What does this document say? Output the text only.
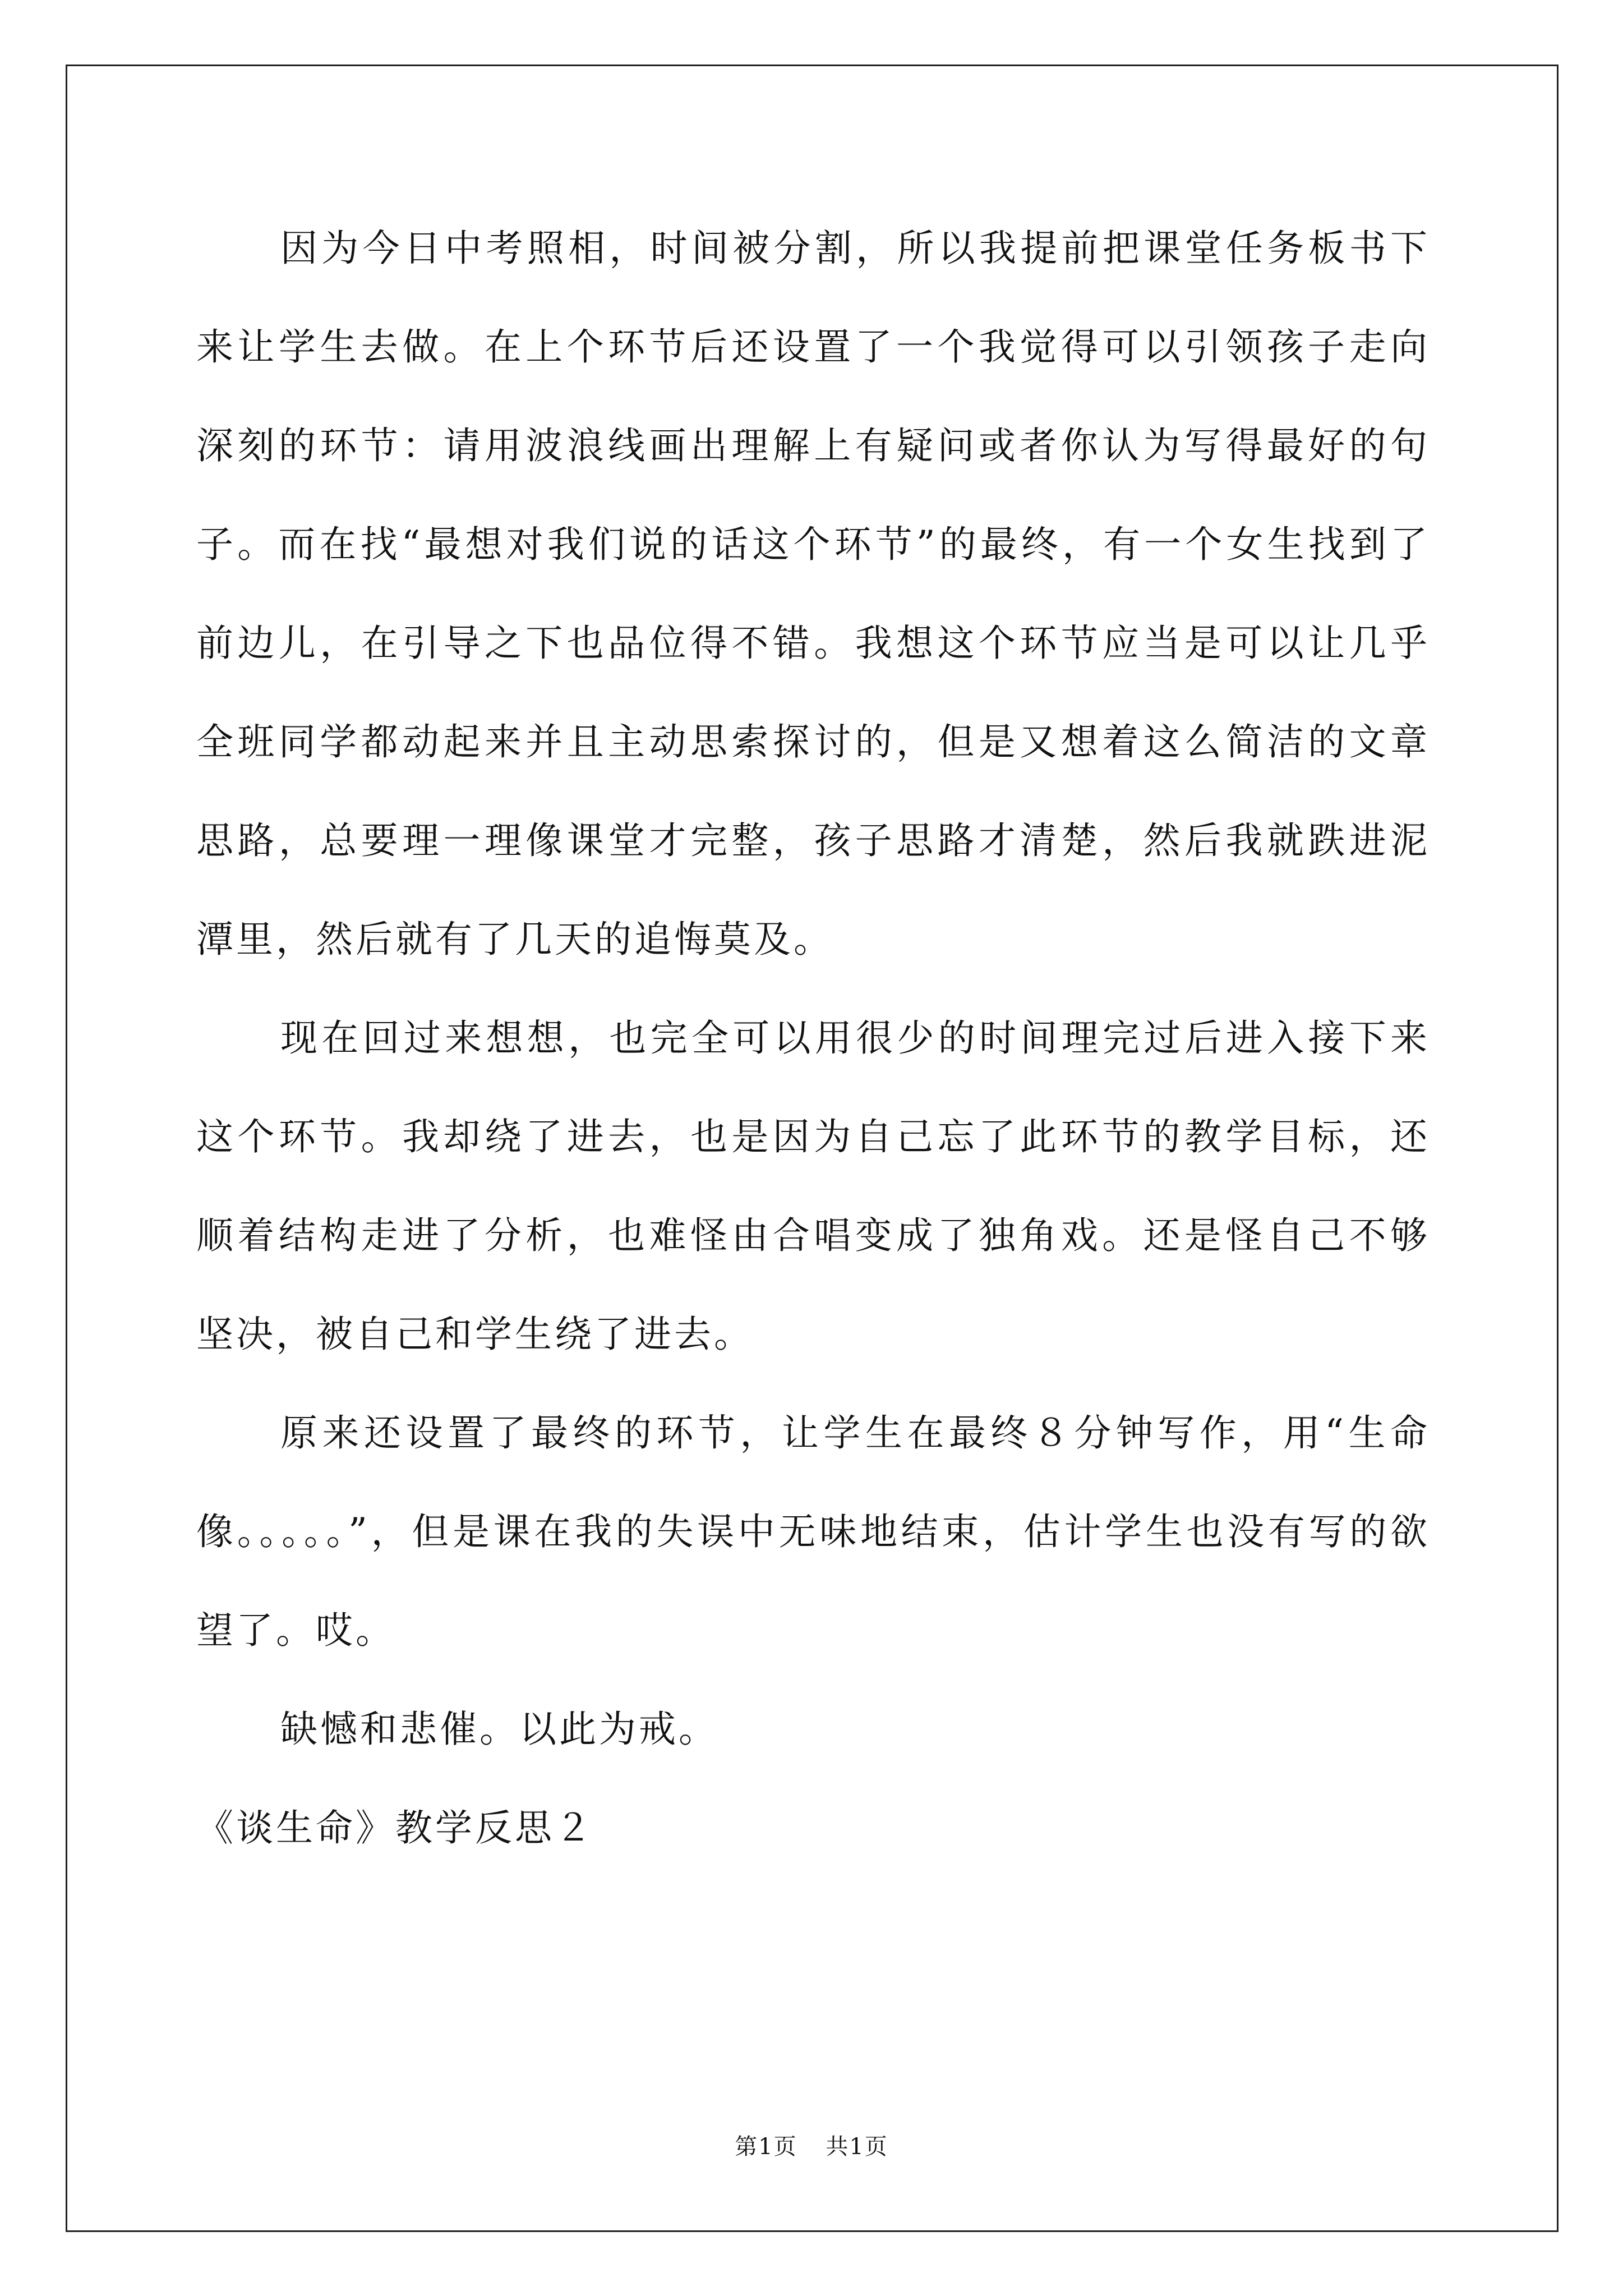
因为今日中考照相，时间被分割，所以我提前把课堂任务板书下来让学生去做。在上个环节后还设置了一个我觉得可以引领孩子走向深刻的环节：请用波浪线画出理解上有疑问或者你认为写得最好的句子。而在找“最想对我们说的话这个环节”的最终，有一个女生找到了前边儿，在引导之下也品位得不错。我想这个环节应当是可以让几乎全班同学都动起来并且主动思索探讨的，但是又想着这么简洁的文章思路，总要理一理像课堂才完整，孩子思路才清楚，然后我就跌进泥潭里，然后就有了几天的追悔莫及。

现在回过来想想，也完全可以用很少的时间理完过后进入接下来这个环节。我却绕了进去，也是因为自己忘了此环节的教学目标，还顺着结构走进了分析，也难怪由合唱变成了独角戏。还是怪自己不够坚决，被自己和学生绕了进去。

原来还设置了最终的环节，让学生在最终８分钟写作，用“生命像。。。。。”，但是课在我的失误中无味地结束，估计学生也没有写的欲望了。哎。

缺憾和悲催。以此为戒。

《谈生命》教学反思２

第1页 共1页
